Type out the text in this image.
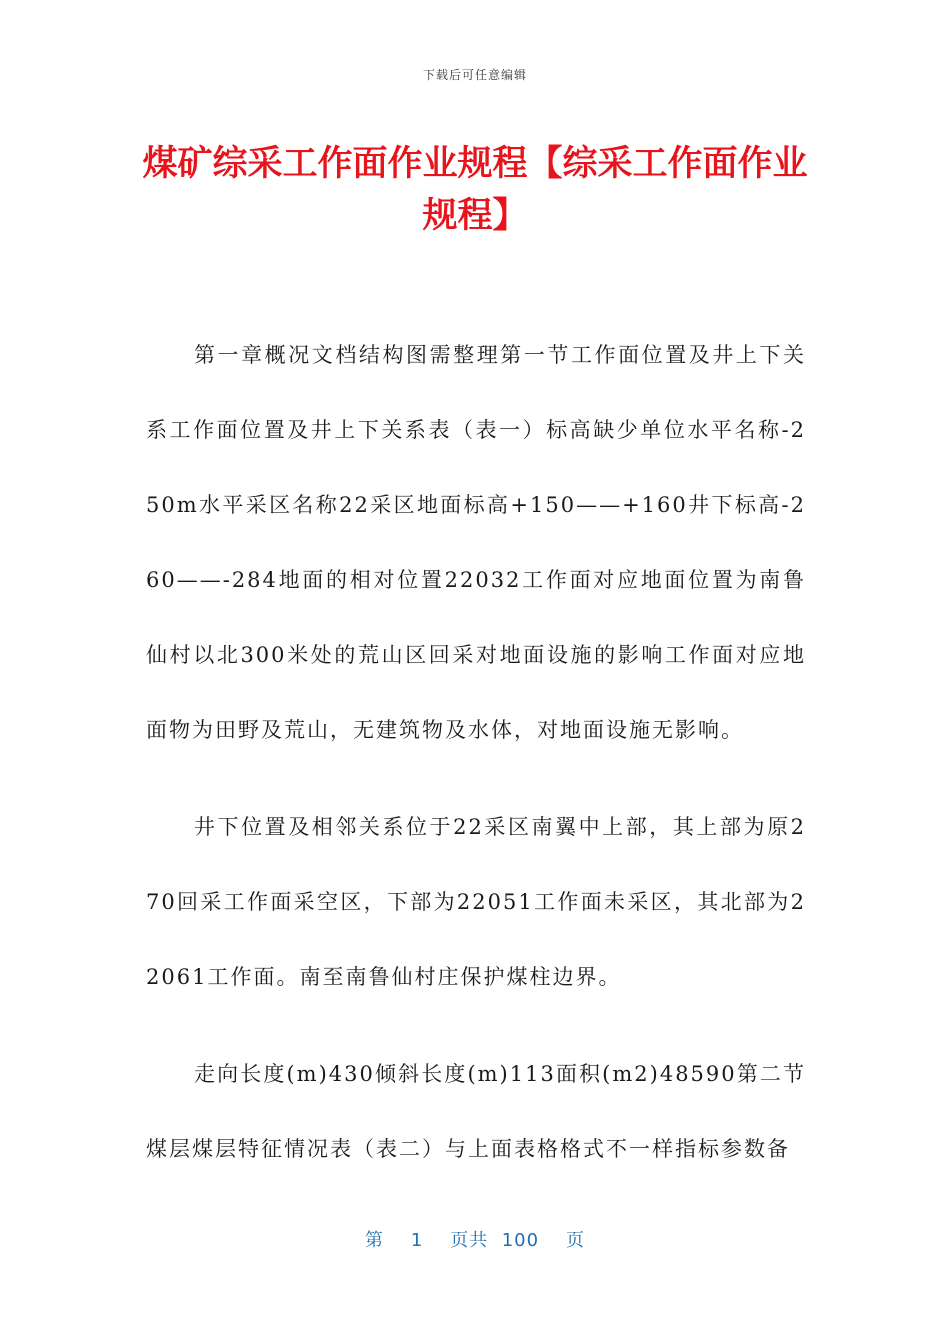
下载后可任意编辑
煤矿综采工作面作业规程【综采工作面作业规程】

第一章概况文档结构图需整理第一节工作面位置及井上下关系工作面位置及井上下关系表（表一）标高缺少单位水平名称-250m水平采区名称22采区地面标高+150——+160井下标高-260——-284地面的相对位置22032工作面对应地面位置为南鲁仙村以北300米处的荒山区回采对地面设施的影响工作面对应地面物为田野及荒山，无建筑物及水体，对地面设施无影响。

井下位置及相邻关系位于22采区南翼中上部，其上部为原270回采工作面采空区，下部为22051工作面未采区，其北部为22061工作面。南至南鲁仙村庄保护煤柱边界。

走向长度(m)430倾斜长度(m)113面积(m2)48590第二节煤层煤层特征情况表（表二）与上面表格格式不一样指标参数备

第 1 页共 100 页
